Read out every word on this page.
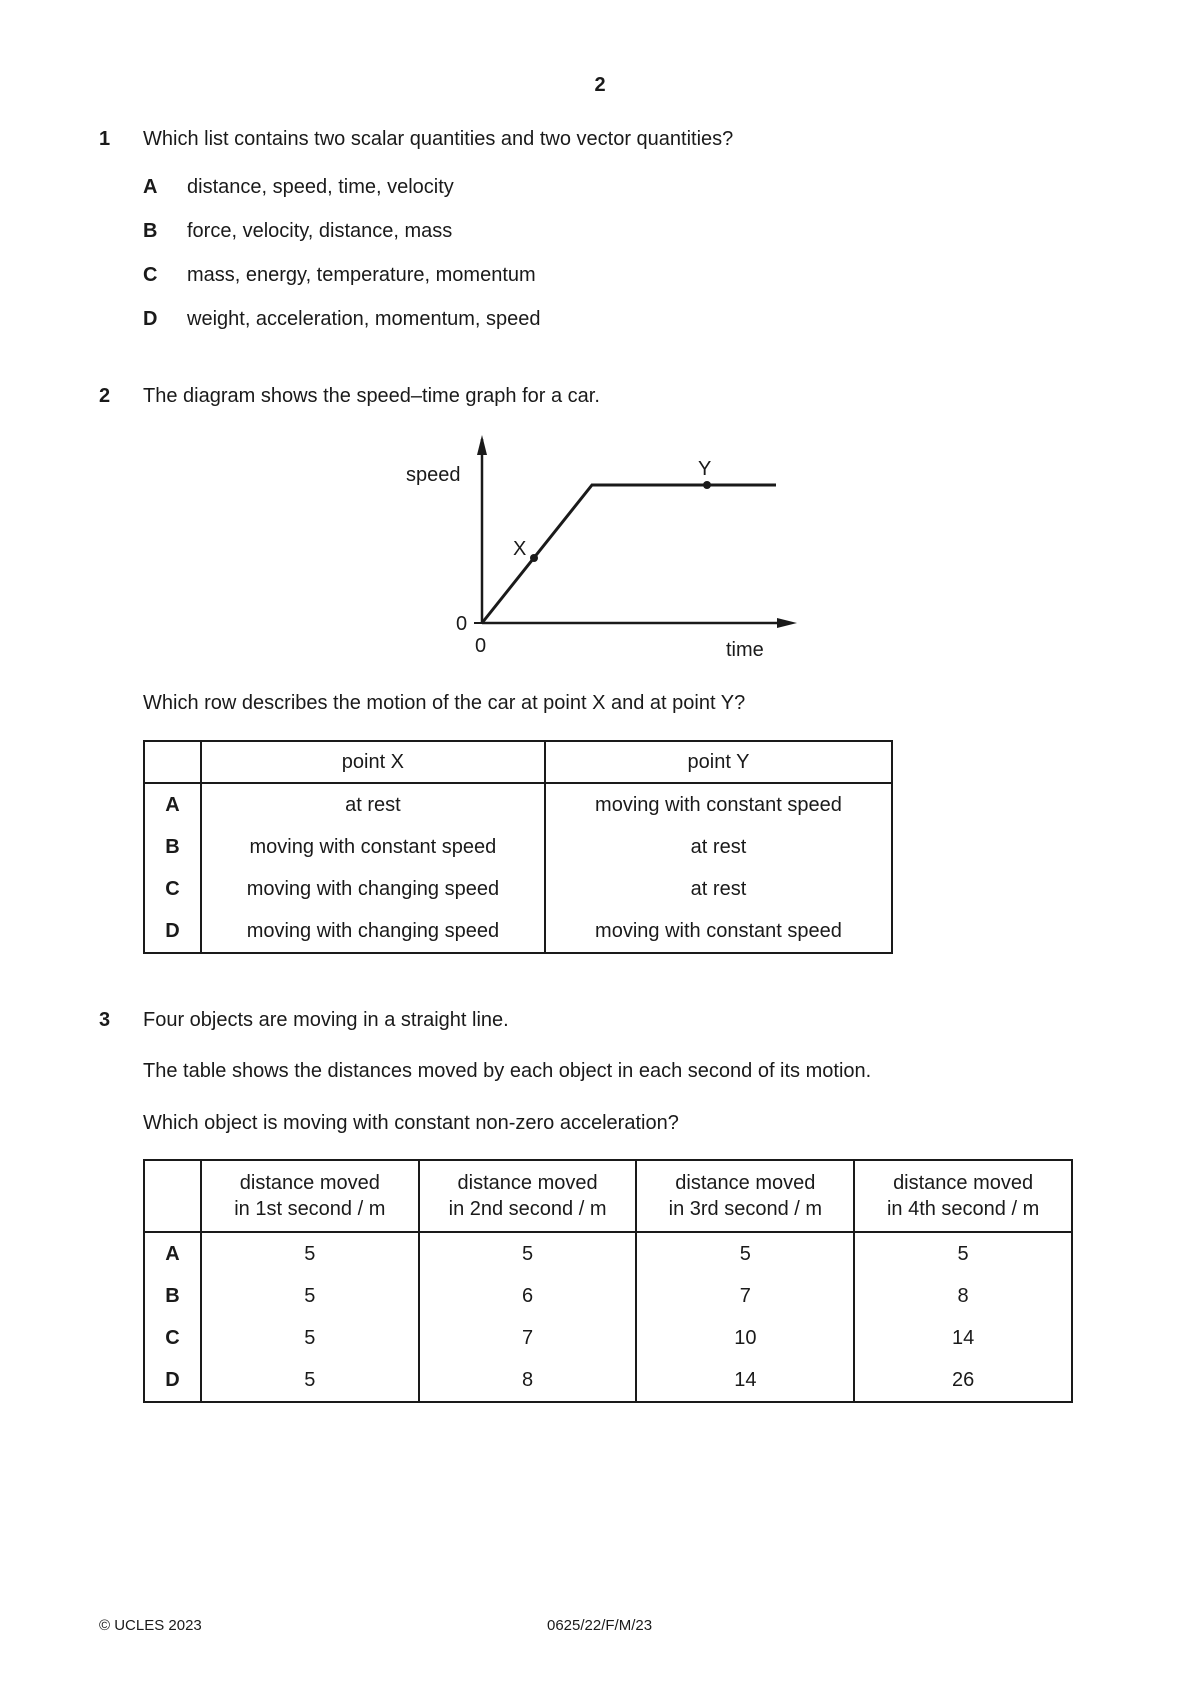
2
1 Which list contains two scalar quantities and two vector quantities?
A distance, speed, time, velocity
B force, velocity, distance, mass
C mass, energy, temperature, momentum
D weight, acceleration, momentum, speed
2 The diagram shows the speed–time graph for a car.
speed
time
0
0
X
Y
Which row describes the motion of the car at point X and at point Y?
	point X	point Y
A	at rest	moving with constant speed
B	moving with constant speed	at rest
C	moving with changing speed	at rest
D	moving with changing speed	moving with constant speed
3 Four objects are moving in a straight line.
The table shows the distances moved by each object in each second of its motion.
Which object is moving with constant non-zero acceleration?
	distance moved
in 1st second / m	distance moved
in 2nd second / m	distance moved
in 3rd second / m	distance moved
in 4th second / m
A	5	5	5	5
B	5	6	7	8
C	5	7	10	14
D	5	8	14	26
© UCLES 2023	0625/22/F/M/23
